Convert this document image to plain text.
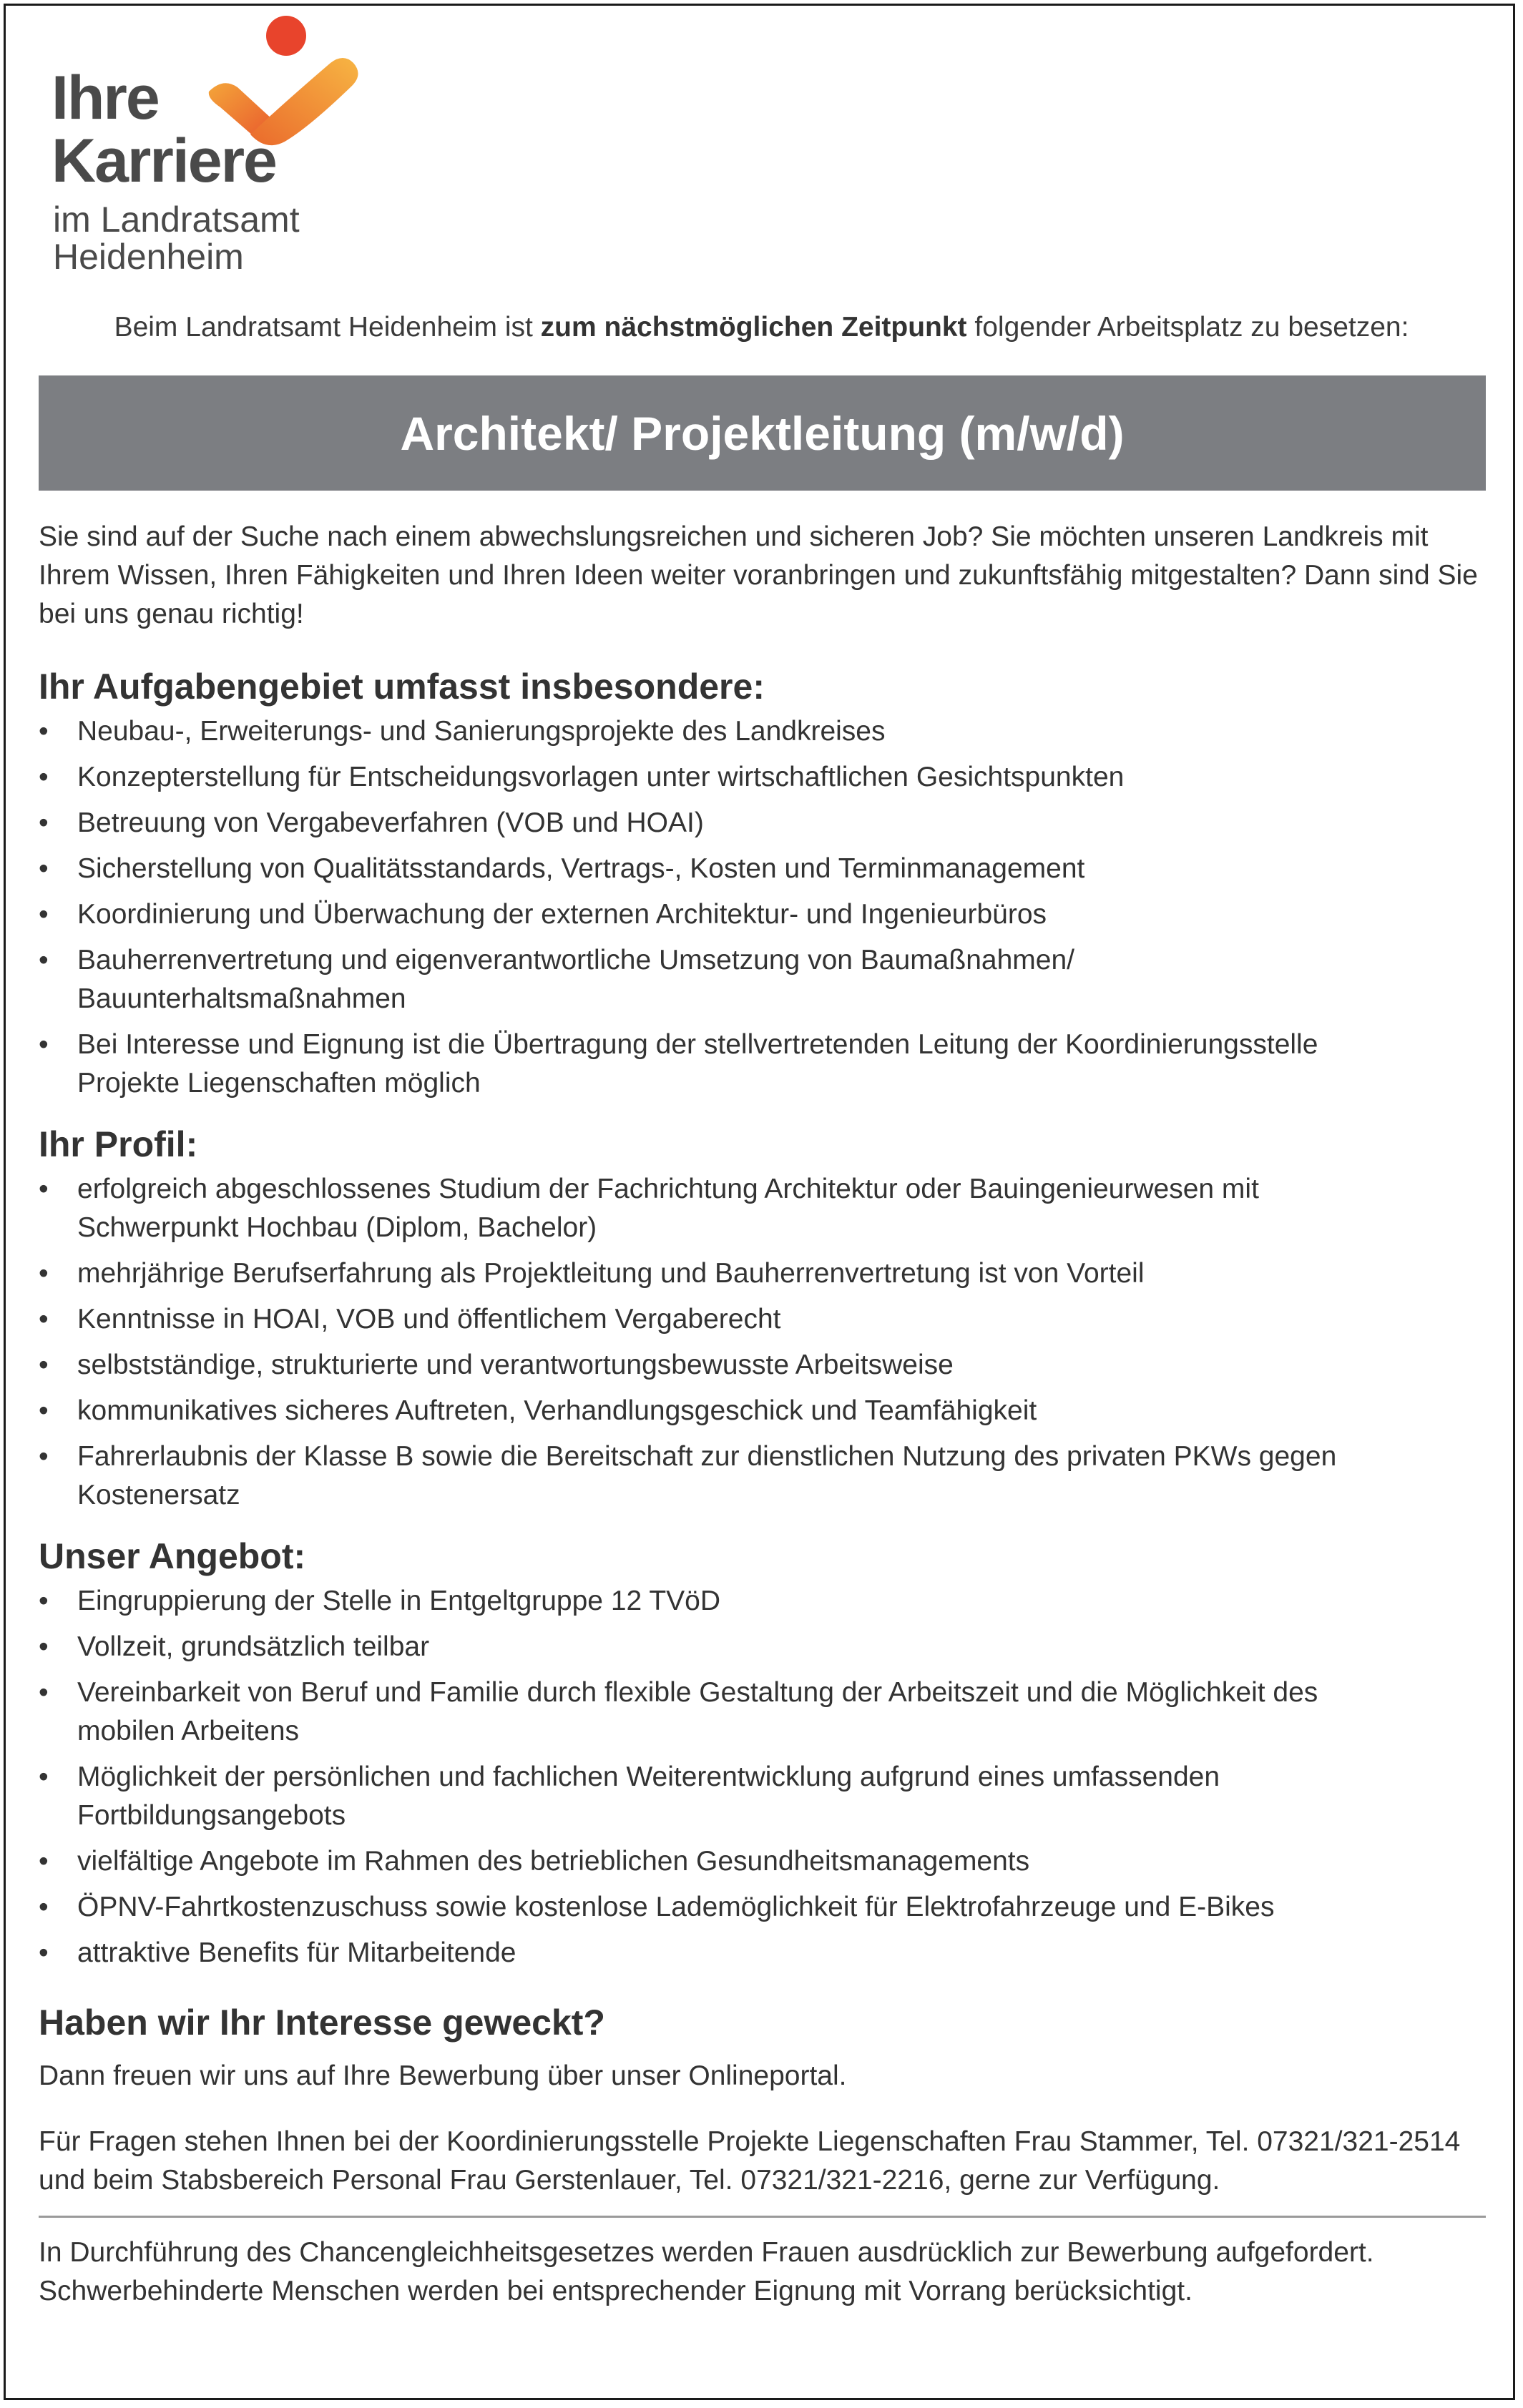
Ihre
Karriere
im Landratsamt
Heidenheim
Beim Landratsamt Heidenheim ist zum nächstmöglichen Zeitpunkt folgender Arbeitsplatz zu besetzen:
Architekt/ Projektleitung (m/w/d)

Sie sind auf der Suche nach einem abwechslungsreichen und sicheren Job? Sie möchten unseren Landkreis mit Ihrem Wissen, Ihren Fähigkeiten und Ihren Ideen weiter voranbringen und zukunftsfähig mitgestalten? Dann sind Sie bei uns genau richtig!

Ihr Aufgabengebiet umfasst insbesondere:
• Neubau-, Erweiterungs- und Sanierungsprojekte des Landkreises
• Konzepterstellung für Entscheidungsvorlagen unter wirtschaftlichen Gesichtspunkten
• Betreuung von Vergabeverfahren (VOB und HOAI)
• Sicherstellung von Qualitätsstandards, Vertrags-, Kosten und Terminmanagement
• Koordinierung und Überwachung der externen Architektur- und Ingenieurbüros
• Bauherrenvertretung und eigenverantwortliche Umsetzung von Baumaßnahmen/ Bauunterhaltsmaßnahmen
• Bei Interesse und Eignung ist die Übertragung der stellvertretenden Leitung der Koordinierungsstelle Projekte Liegenschaften möglich
Ihr Profil:
• erfolgreich abgeschlossenes Studium der Fachrichtung Architektur oder Bauingenieurwesen mit Schwerpunkt Hochbau (Diplom, Bachelor)
• mehrjährige Berufserfahrung als Projektleitung und Bauherrenvertretung ist von Vorteil
• Kenntnisse in HOAI, VOB und öffentlichem Vergaberecht
• selbstständige, strukturierte und verantwortungsbewusste Arbeitsweise
• kommunikatives sicheres Auftreten, Verhandlungsgeschick und Teamfähigkeit
• Fahrerlaubnis der Klasse B sowie die Bereitschaft zur dienstlichen Nutzung des privaten PKWs gegen Kostenersatz
Unser Angebot:
• Eingruppierung der Stelle in Entgeltgruppe 12 TVöD
• Vollzeit, grundsätzlich teilbar
• Vereinbarkeit von Beruf und Familie durch flexible Gestaltung der Arbeitszeit und die Möglichkeit des mobilen Arbeitens
• Möglichkeit der persönlichen und fachlichen Weiterentwicklung aufgrund eines umfassenden Fortbildungsangebots
• vielfältige Angebote im Rahmen des betrieblichen Gesundheitsmanagements
• ÖPNV-Fahrtkostenzuschuss sowie kostenlose Lademöglichkeit für Elektrofahrzeuge und E-Bikes
• attraktive Benefits für Mitarbeitende
Haben wir Ihr Interesse geweckt?

Dann freuen wir uns auf Ihre Bewerbung über unser Onlineportal.

Für Fragen stehen Ihnen bei der Koordinierungsstelle Projekte Liegenschaften Frau Stammer, Tel. 07321/321-2514 und beim Stabsbereich Personal Frau Gerstenlauer, Tel. 07321/321-2216, gerne zur Verfügung.

In Durchführung des Chancengleichheitsgesetzes werden Frauen ausdrücklich zur Bewerbung aufgefordert.

Schwerbehinderte Menschen werden bei entsprechender Eignung mit Vorrang berücksichtigt.
